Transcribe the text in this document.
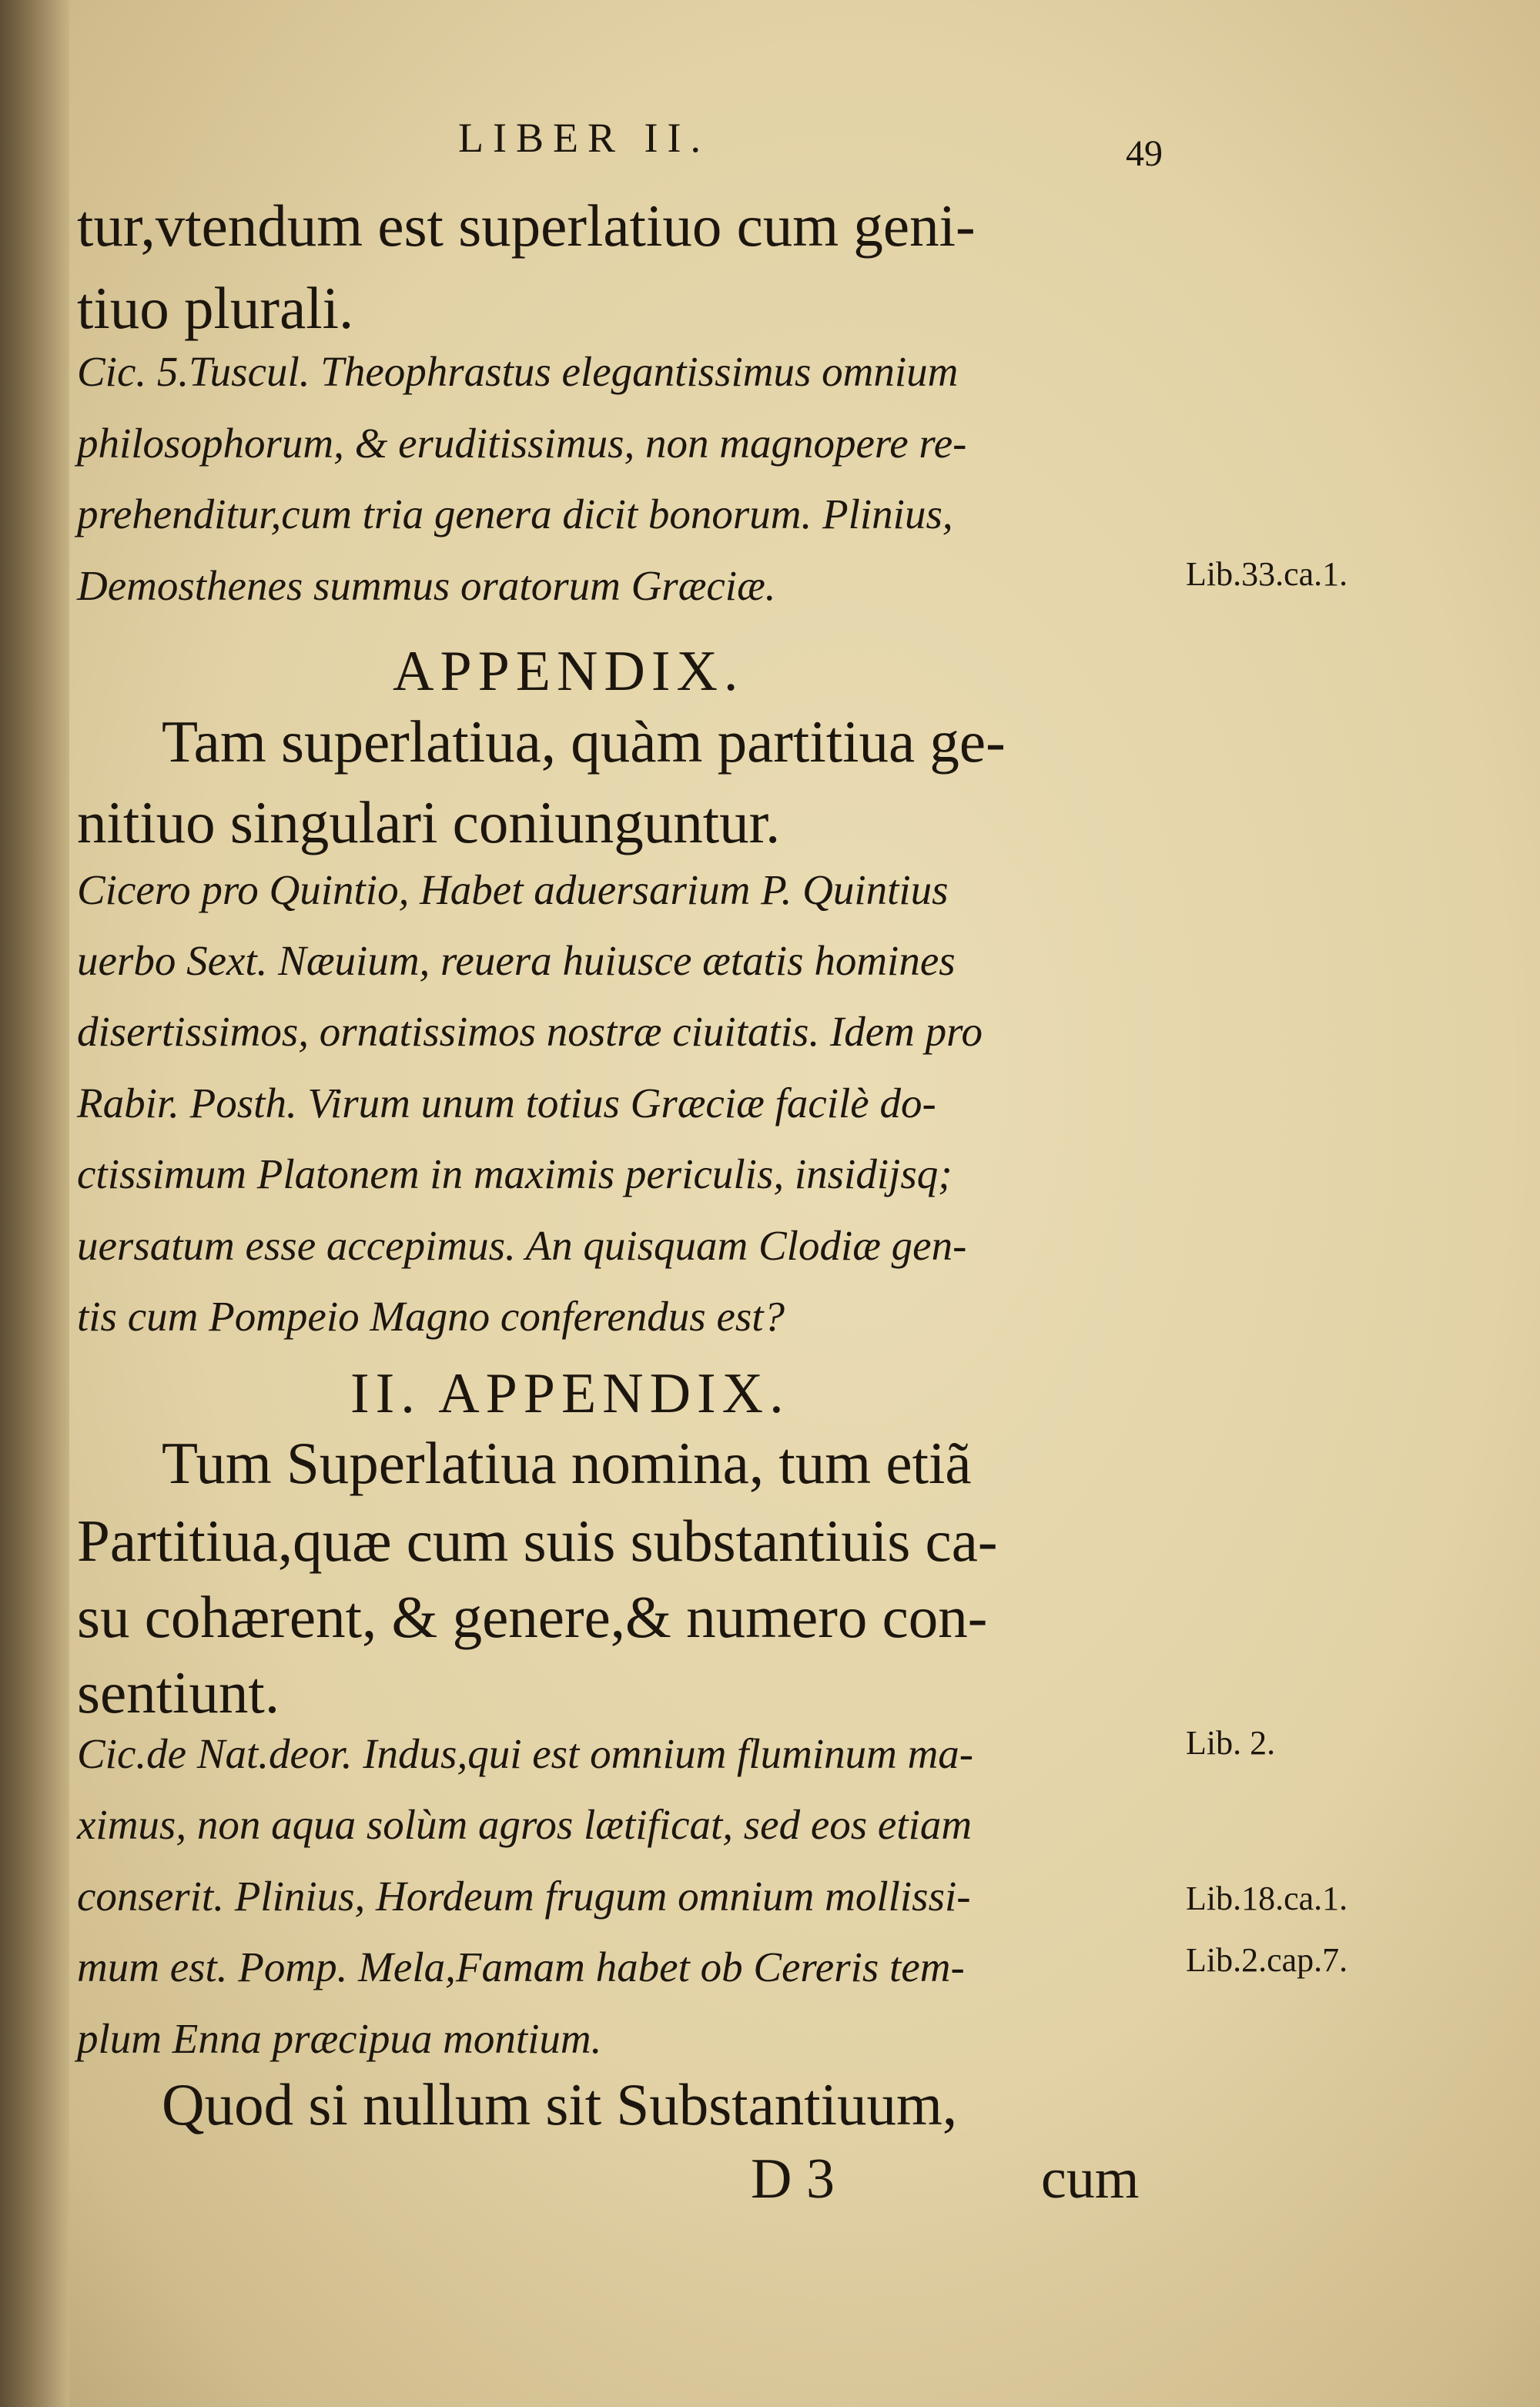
LIBER II.	49
tur,vtendum est superlatiuo cum geni-
tiuo plurali.
Cic. 5.Tuscul. Theophrastus elegantissimus omnium
philosophorum, & eruditissimus, non magnopere re-
prehenditur,cum tria genera dicit bonorum. Plinius,
Demosthenes summus oratorum Græciæ.
Tam superlatiua, quàm partitiua ge-
nitiuo singulari coniunguntur.
Cicero pro Quintio, Habet aduersarium P. Quintius
uerbo Sext. Næuium, reuera huiusce ætatis homines
disertissimos, ornatissimos nostræ ciuitatis. Idem pro
Rabir. Posth. Virum unum totius Græciæ facilè do-
ctissimum Platonem in maximis periculis, insidijsq;
uersatum esse accepimus. An quisquam Clodiæ gen-
tis cum Pompeio Magno conferendus est?
Tum Superlatiua nomina, tum etiã
Partitiua,quæ cum suis substantiuis ca-
su cohærent, & genere,& numero con-
sentiunt.
Cic.de Nat.deor. Indus,qui est omnium fluminum ma-
ximus, non aqua solùm agros lætificat, sed eos etiam
conserit. Plinius, Hordeum frugum omnium mollissi-
mum est. Pomp. Mela,Famam habet ob Cereris tem-
plum Enna præcipua montium.
Quod si nullum sit Substantiuum,
APPENDIX.
II. APPENDIX.
Lib.33.ca.1.
Lib. 2.
Lib.18.ca.1.
Lib.2.cap.7.
D 3	cum
